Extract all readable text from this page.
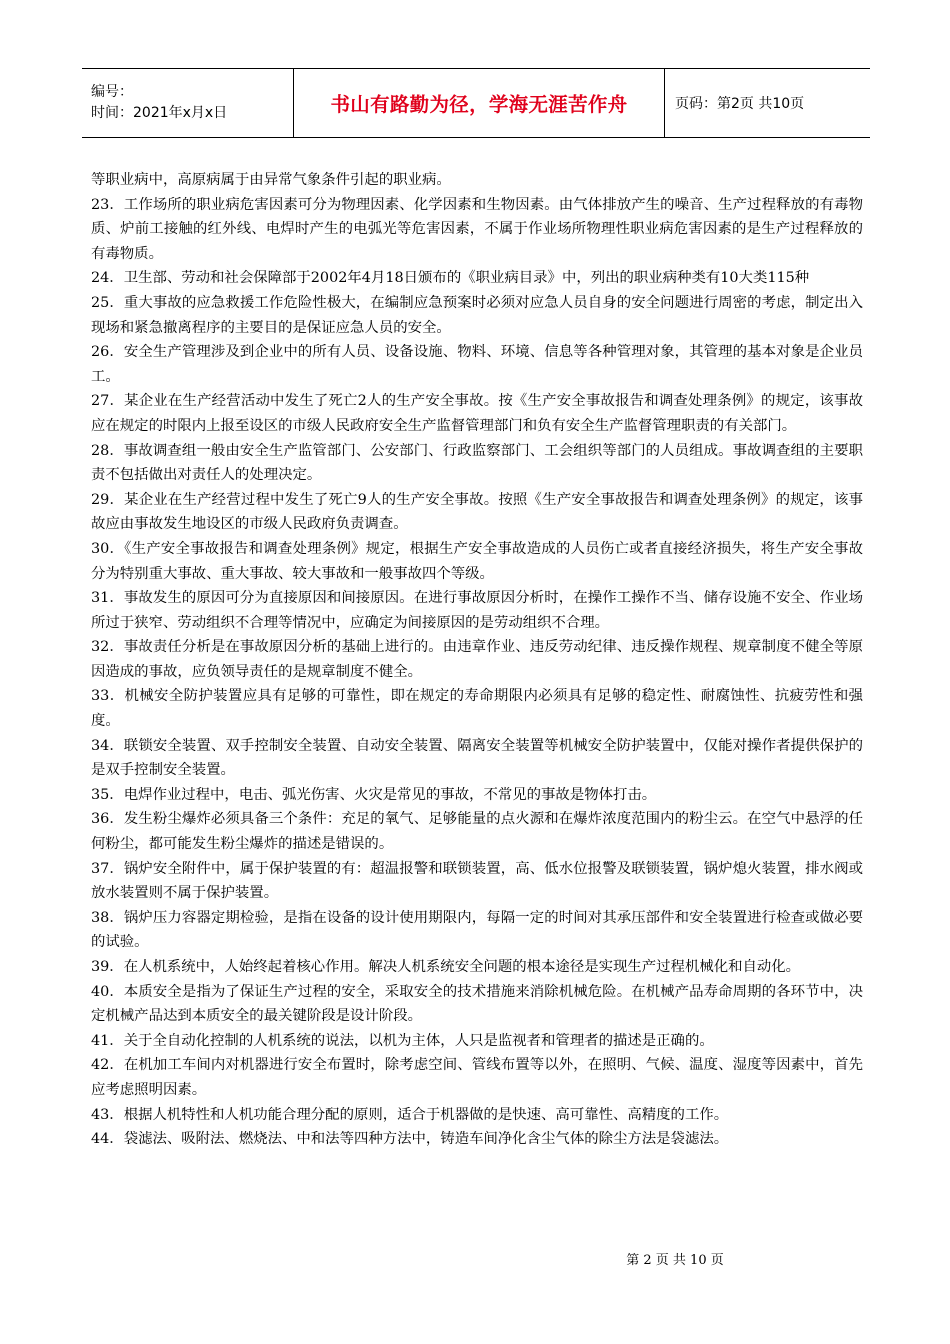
编号：
时间：2021年x月x日	书山有路勤为径，学海无涯苦作舟	页码：第2页 共10页

等职业病中，高原病属于由异常气象条件引起的职业病。

23．工作场所的职业病危害因素可分为物理因素、化学因素和生物因素。由气体排放产生的噪音、生产过程释放的有毒物质、炉前工接触的红外线、电焊时产生的电弧光等危害因素，不属于作业场所物理性职业病危害因素的是生产过程释放的有毒物质。

24．卫生部、劳动和社会保障部于2002年4月18日颁布的《职业病目录》中，列出的职业病种类有10大类115种

25．重大事故的应急救援工作危险性极大，在编制应急预案时必须对应急人员自身的安全问题进行周密的考虑，制定出入现场和紧急撤离程序的主要目的是保证应急人员的安全。

26．安全生产管理涉及到企业中的所有人员、设备设施、物料、环境、信息等各种管理对象，其管理的基本对象是企业员工。

27．某企业在生产经营活动中发生了死亡2人的生产安全事故。按《生产安全事故报告和调查处理条例》的规定，该事故应在规定的时限内上报至设区的市级人民政府安全生产监督管理部门和负有安全生产监督管理职责的有关部门。

28．事故调查组一般由安全生产监管部门、公安部门、行政监察部门、工会组织等部门的人员组成。事故调查组的主要职责不包括做出对责任人的处理决定。

29．某企业在生产经营过程中发生了死亡9人的生产安全事故。按照《生产安全事故报告和调查处理条例》的规定，该事故应由事故发生地设区的市级人民政府负责调查。

30．《生产安全事故报告和调查处理条例》规定，根据生产安全事故造成的人员伤亡或者直接经济损失，将生产安全事故分为特别重大事故、重大事故、较大事故和一般事故四个等级。

31．事故发生的原因可分为直接原因和间接原因。在进行事故原因分析时，在操作工操作不当、储存设施不安全、作业场所过于狭窄、劳动组织不合理等情况中，应确定为间接原因的是劳动组织不合理。

32．事故责任分析是在事故原因分析的基础上进行的。由违章作业、违反劳动纪律、违反操作规程、规章制度不健全等原因造成的事故，应负领导责任的是规章制度不健全。

33．机械安全防护装置应具有足够的可靠性，即在规定的寿命期限内必须具有足够的稳定性、耐腐蚀性、抗疲劳性和强度。

34．联锁安全装置、双手控制安全装置、自动安全装置、隔离安全装置等机械安全防护装置中，仅能对操作者提供保护的是双手控制安全装置。

35．电焊作业过程中，电击、弧光伤害、火灾是常见的事故，不常见的事故是物体打击。

36．发生粉尘爆炸必须具备三个条件：充足的氧气、足够能量的点火源和在爆炸浓度范围内的粉尘云。在空气中悬浮的任何粉尘，都可能发生粉尘爆炸的描述是错误的。

37．锅炉安全附件中，属于保护装置的有：超温报警和联锁装置，高、低水位报警及联锁装置，锅炉熄火装置，排水阀或放水装置则不属于保护装置。

38．锅炉压力容器定期检验，是指在设备的设计使用期限内，每隔一定的时间对其承压部件和安全装置进行检查或做必要的试验。

39．在人机系统中，人始终起着核心作用。解决人机系统安全问题的根本途径是实现生产过程机械化和自动化。

40．本质安全是指为了保证生产过程的安全，采取安全的技术措施来消除机械危险。在机械产品寿命周期的各环节中，决定机械产品达到本质安全的最关键阶段是设计阶段。

41．关于全自动化控制的人机系统的说法，以机为主体，人只是监视者和管理者的描述是正确的。

42．在机加工车间内对机器进行安全布置时，除考虑空间、管线布置等以外，在照明、气候、温度、湿度等因素中，首先应考虑照明因素。

43．根据人机特性和人机功能合理分配的原则，适合于机器做的是快速、高可靠性、高精度的工作。

44．袋滤法、吸附法、燃烧法、中和法等四种方法中，铸造车间净化含尘气体的除尘方法是袋滤法。

第 2 页 共 10 页
